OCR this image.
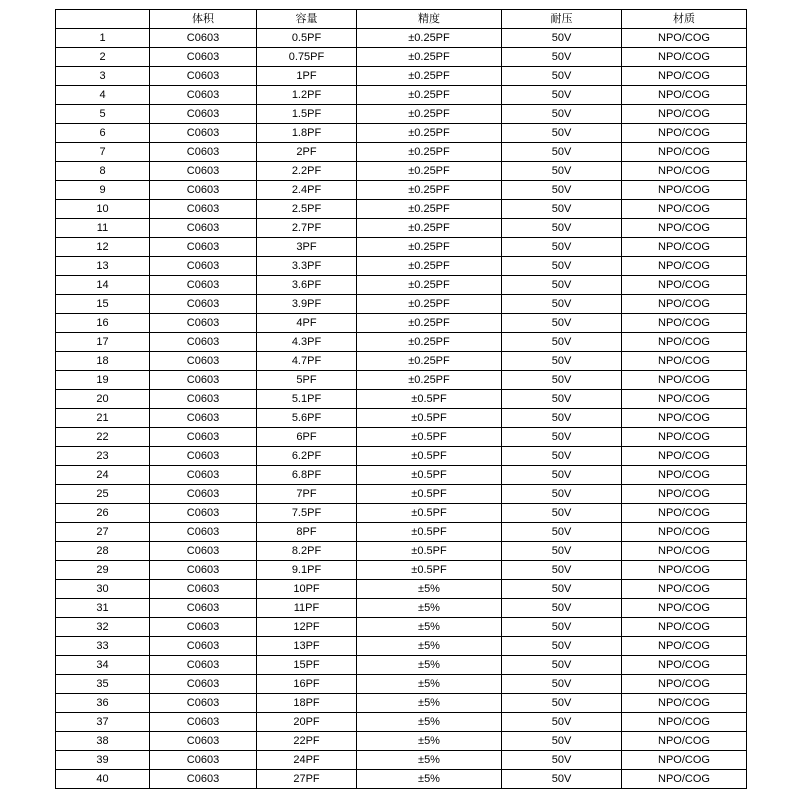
	体积	容量	精度	耐压	材质
1	C0603	0.5PF	±0.25PF	50V	NPO/COG
2	C0603	0.75PF	±0.25PF	50V	NPO/COG
3	C0603	1PF	±0.25PF	50V	NPO/COG
4	C0603	1.2PF	±0.25PF	50V	NPO/COG
5	C0603	1.5PF	±0.25PF	50V	NPO/COG
6	C0603	1.8PF	±0.25PF	50V	NPO/COG
7	C0603	2PF	±0.25PF	50V	NPO/COG
8	C0603	2.2PF	±0.25PF	50V	NPO/COG
9	C0603	2.4PF	±0.25PF	50V	NPO/COG
10	C0603	2.5PF	±0.25PF	50V	NPO/COG
11	C0603	2.7PF	±0.25PF	50V	NPO/COG
12	C0603	3PF	±0.25PF	50V	NPO/COG
13	C0603	3.3PF	±0.25PF	50V	NPO/COG
14	C0603	3.6PF	±0.25PF	50V	NPO/COG
15	C0603	3.9PF	±0.25PF	50V	NPO/COG
16	C0603	4PF	±0.25PF	50V	NPO/COG
17	C0603	4.3PF	±0.25PF	50V	NPO/COG
18	C0603	4.7PF	±0.25PF	50V	NPO/COG
19	C0603	5PF	±0.25PF	50V	NPO/COG
20	C0603	5.1PF	±0.5PF	50V	NPO/COG
21	C0603	5.6PF	±0.5PF	50V	NPO/COG
22	C0603	6PF	±0.5PF	50V	NPO/COG
23	C0603	6.2PF	±0.5PF	50V	NPO/COG
24	C0603	6.8PF	±0.5PF	50V	NPO/COG
25	C0603	7PF	±0.5PF	50V	NPO/COG
26	C0603	7.5PF	±0.5PF	50V	NPO/COG
27	C0603	8PF	±0.5PF	50V	NPO/COG
28	C0603	8.2PF	±0.5PF	50V	NPO/COG
29	C0603	9.1PF	±0.5PF	50V	NPO/COG
30	C0603	10PF	±5%	50V	NPO/COG
31	C0603	11PF	±5%	50V	NPO/COG
32	C0603	12PF	±5%	50V	NPO/COG
33	C0603	13PF	±5%	50V	NPO/COG
34	C0603	15PF	±5%	50V	NPO/COG
35	C0603	16PF	±5%	50V	NPO/COG
36	C0603	18PF	±5%	50V	NPO/COG
37	C0603	20PF	±5%	50V	NPO/COG
38	C0603	22PF	±5%	50V	NPO/COG
39	C0603	24PF	±5%	50V	NPO/COG
40	C0603	27PF	±5%	50V	NPO/COG
